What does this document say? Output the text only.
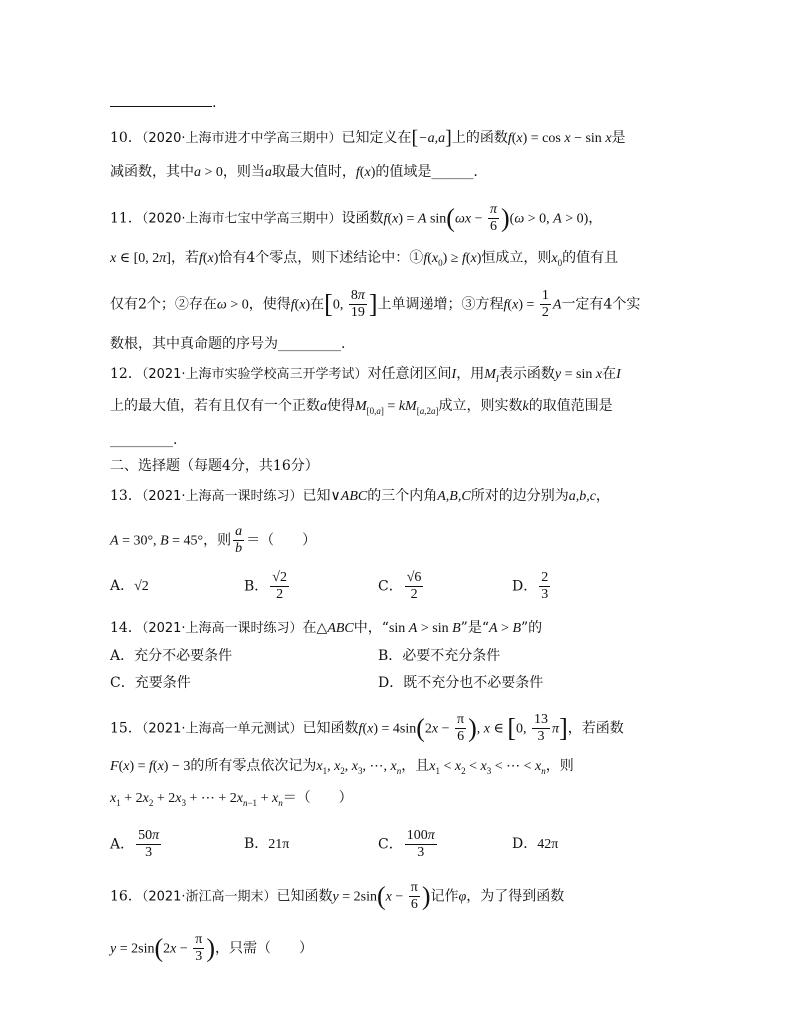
.
10．（2020·上海市进才中学高三期中）已知定义在[−a,a]上的函数f(x) = cos x − sin x是
减函数，其中a > 0，则当a取最大值时，f(x)的值域是______.
11．（2020·上海市七宝中学高三期中）设函数f(x) = A $\sin(\omega x - \frac{\pi}{6} )(\omega > 0$, A > 0)，
x ∈ [0, 2π]，若f(x)恰有4个零点，则下述结论中：$①f(x_0) \ge f(x)$恒成立，则$x_0$的值有且
仅有2个；②存在ω > 0，使得f(x)在[0, $\frac{8\pi}{19}$ ]上单调递增；③方程$f(x) = \frac{1}{2}$ A一定有4个实
数根，其中真命题的序号为_________.
12．（2021·上海市实验学校高三开学考试）对任意闭区间I，用$M_I$表示函数y = sin x在I
上的最大值，若有且仅有一个正数a使得$M_{[0,a]} = kM_{[a,2a]}$成立，则实数k的取值范围是
_________.
二、选择题（每题4分，共16分）
13．（2021·上海高一课时练习）已知∨ABC的三个内角A,B,C所对的边分别为a,b,c，
A = 30°, B = 45°，则 $\frac{a}{b}$ ＝（　　）
A．√2	B． $\frac{√2}{2}$	C． $\frac{√6}{2}$	D． $\frac{2}{3}$
14．（2021·上海高一课时练习）在△ABC中，“sin A > sin B”是“A > B”的
A．充分不必要条件	B．必要不充分条件
C．充要条件	D．既不充分也不必要条件
15．（2021·上海高一单元测试）已知函数$f(x) = 4\sin(2x - \frac{\pi}{6}$ ), x ∈ [0, $\frac{13}{3} \pi$]，若函数
F(x) = f(x) − 3的所有零点依次记为$x_1$, $x_2$, $x_3$, ⋯, $x_n$，且$x_1 < x_2 < x_3$ < ⋯ < $x_n$，则
$x_1 + 2x_2 + 2x_3$ + ⋯ + $2x_{n-1} + x_n=$（　　）
A． $\frac{50\pi}{3}$	B．21π	C． $\frac{100\pi}{3}$	D．42π
16．（2021·浙江高一期末）已知函数$y = 2\sin(x - \frac{\pi}{6}$ )记作φ，为了得到函数
$y = 2\sin(2x - \frac{\pi}{3}$ )，只需（　　）
